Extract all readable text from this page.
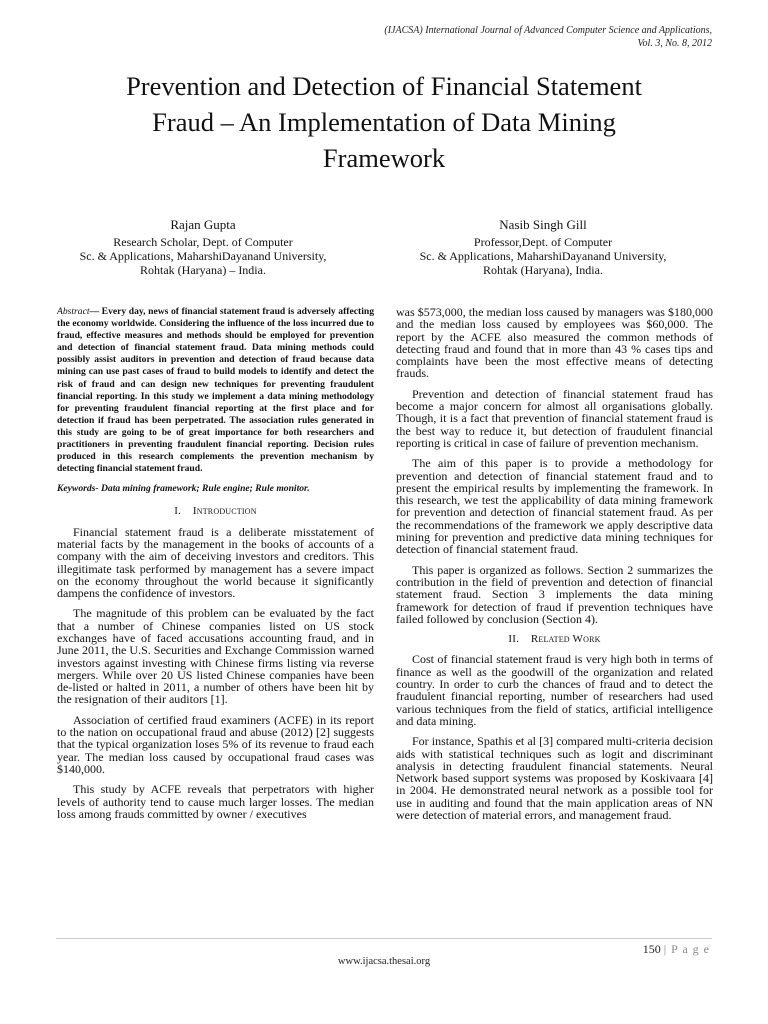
(IJACSA) International Journal of Advanced Computer Science and Applications,
Vol. 3, No. 8, 2012
Prevention and Detection of Financial Statement
Fraud – An Implementation of Data Mining
Framework
Rajan Gupta
Research Scholar, Dept. of Computer
Sc. & Applications, MaharshiDayanand University,
Rohtak (Haryana) – India.
Nasib Singh Gill
Professor,Dept. of Computer
Sc. & Applications, MaharshiDayanand University,
Rohtak (Haryana), India.

Abstract— Every day, news of financial statement fraud is adversely affecting the economy worldwide. Considering the influence of the loss incurred due to fraud, effective measures and methods should be employed for prevention and detection of financial statement fraud. Data mining methods could possibly assist auditors in prevention and detection of fraud because data mining can use past cases of fraud to build models to identify and detect the risk of fraud and can design new techniques for preventing fraudulent financial reporting. In this study we implement a data mining methodology for preventing fraudulent financial reporting at the first place and for detection if fraud has been perpetrated. The association rules generated in this study are going to be of great importance for both researchers and practitioners in preventing fraudulent financial reporting. Decision rules produced in this research complements the prevention mechanism by detecting financial statement fraud.

Keywords- Data mining framework; Rule engine; Rule monitor.

I.    Introduction

Financial statement fraud is a deliberate misstatement of material facts by the management in the books of accounts of a company with the aim of deceiving investors and creditors. This illegitimate task performed by management has a severe impact on the economy throughout the world because it significantly dampens the confidence of investors.

The magnitude of this problem can be evaluated by the fact that a number of Chinese companies listed on US stock exchanges have of faced accusations accounting fraud, and in June 2011, the U.S. Securities and Exchange Commission warned investors against investing with Chinese firms listing via reverse mergers. While over 20 US listed Chinese companies have been de-listed or halted in 2011, a number of others have been hit by the resignation of their auditors [1].

Association of certified fraud examiners (ACFE) in its report to the nation on occupational fraud and abuse (2012) [2] suggests that the typical organization loses 5% of its revenue to fraud each year. The median loss caused by occupational fraud cases was $140,000.

This study by ACFE reveals that perpetrators with higher levels of authority tend to cause much larger losses. The median loss among frauds committed by owner / executives

was $573,000, the median loss caused by managers was $180,000 and the median loss caused by employees was $60,000. The report by the ACFE also measured the common methods of detecting fraud and found that in more than 43 % cases tips and complaints have been the most effective means of detecting frauds.

Prevention and detection of financial statement fraud has become a major concern for almost all organisations globally. Though, it is a fact that prevention of financial statement fraud is the best way to reduce it, but detection of fraudulent financial reporting is critical in case of failure of prevention mechanism.

The aim of this paper is to provide a methodology for prevention and detection of financial statement fraud and to present the empirical results by implementing the framework. In this research, we test the applicability of data mining framework for prevention and detection of financial statement fraud. As per the recommendations of the framework we apply descriptive data mining for prevention and predictive data mining techniques for detection of financial statement fraud.

This paper is organized as follows. Section 2 summarizes the contribution in the field of prevention and detection of financial statement fraud. Section 3 implements the data mining framework for detection of fraud if prevention techniques have failed followed by conclusion (Section 4).

II.    Related Work

Cost of financial statement fraud is very high both in terms of finance as well as the goodwill of the organization and related country. In order to curb the chances of fraud and to detect the fraudulent financial reporting, number of researchers had used various techniques from the field of statics, artificial intelligence and data mining.

For instance, Spathis et al [3] compared multi-criteria decision aids with statistical techniques such as logit and discriminant analysis in detecting fraudulent financial statements. Neural Network based support systems was proposed by Koskivaara [4] in 2004. He demonstrated neural network as a possible tool for use in auditing and found that the main application areas of NN were detection of material errors, and management fraud.

150 | P a g e
www.ijacsa.thesai.org
